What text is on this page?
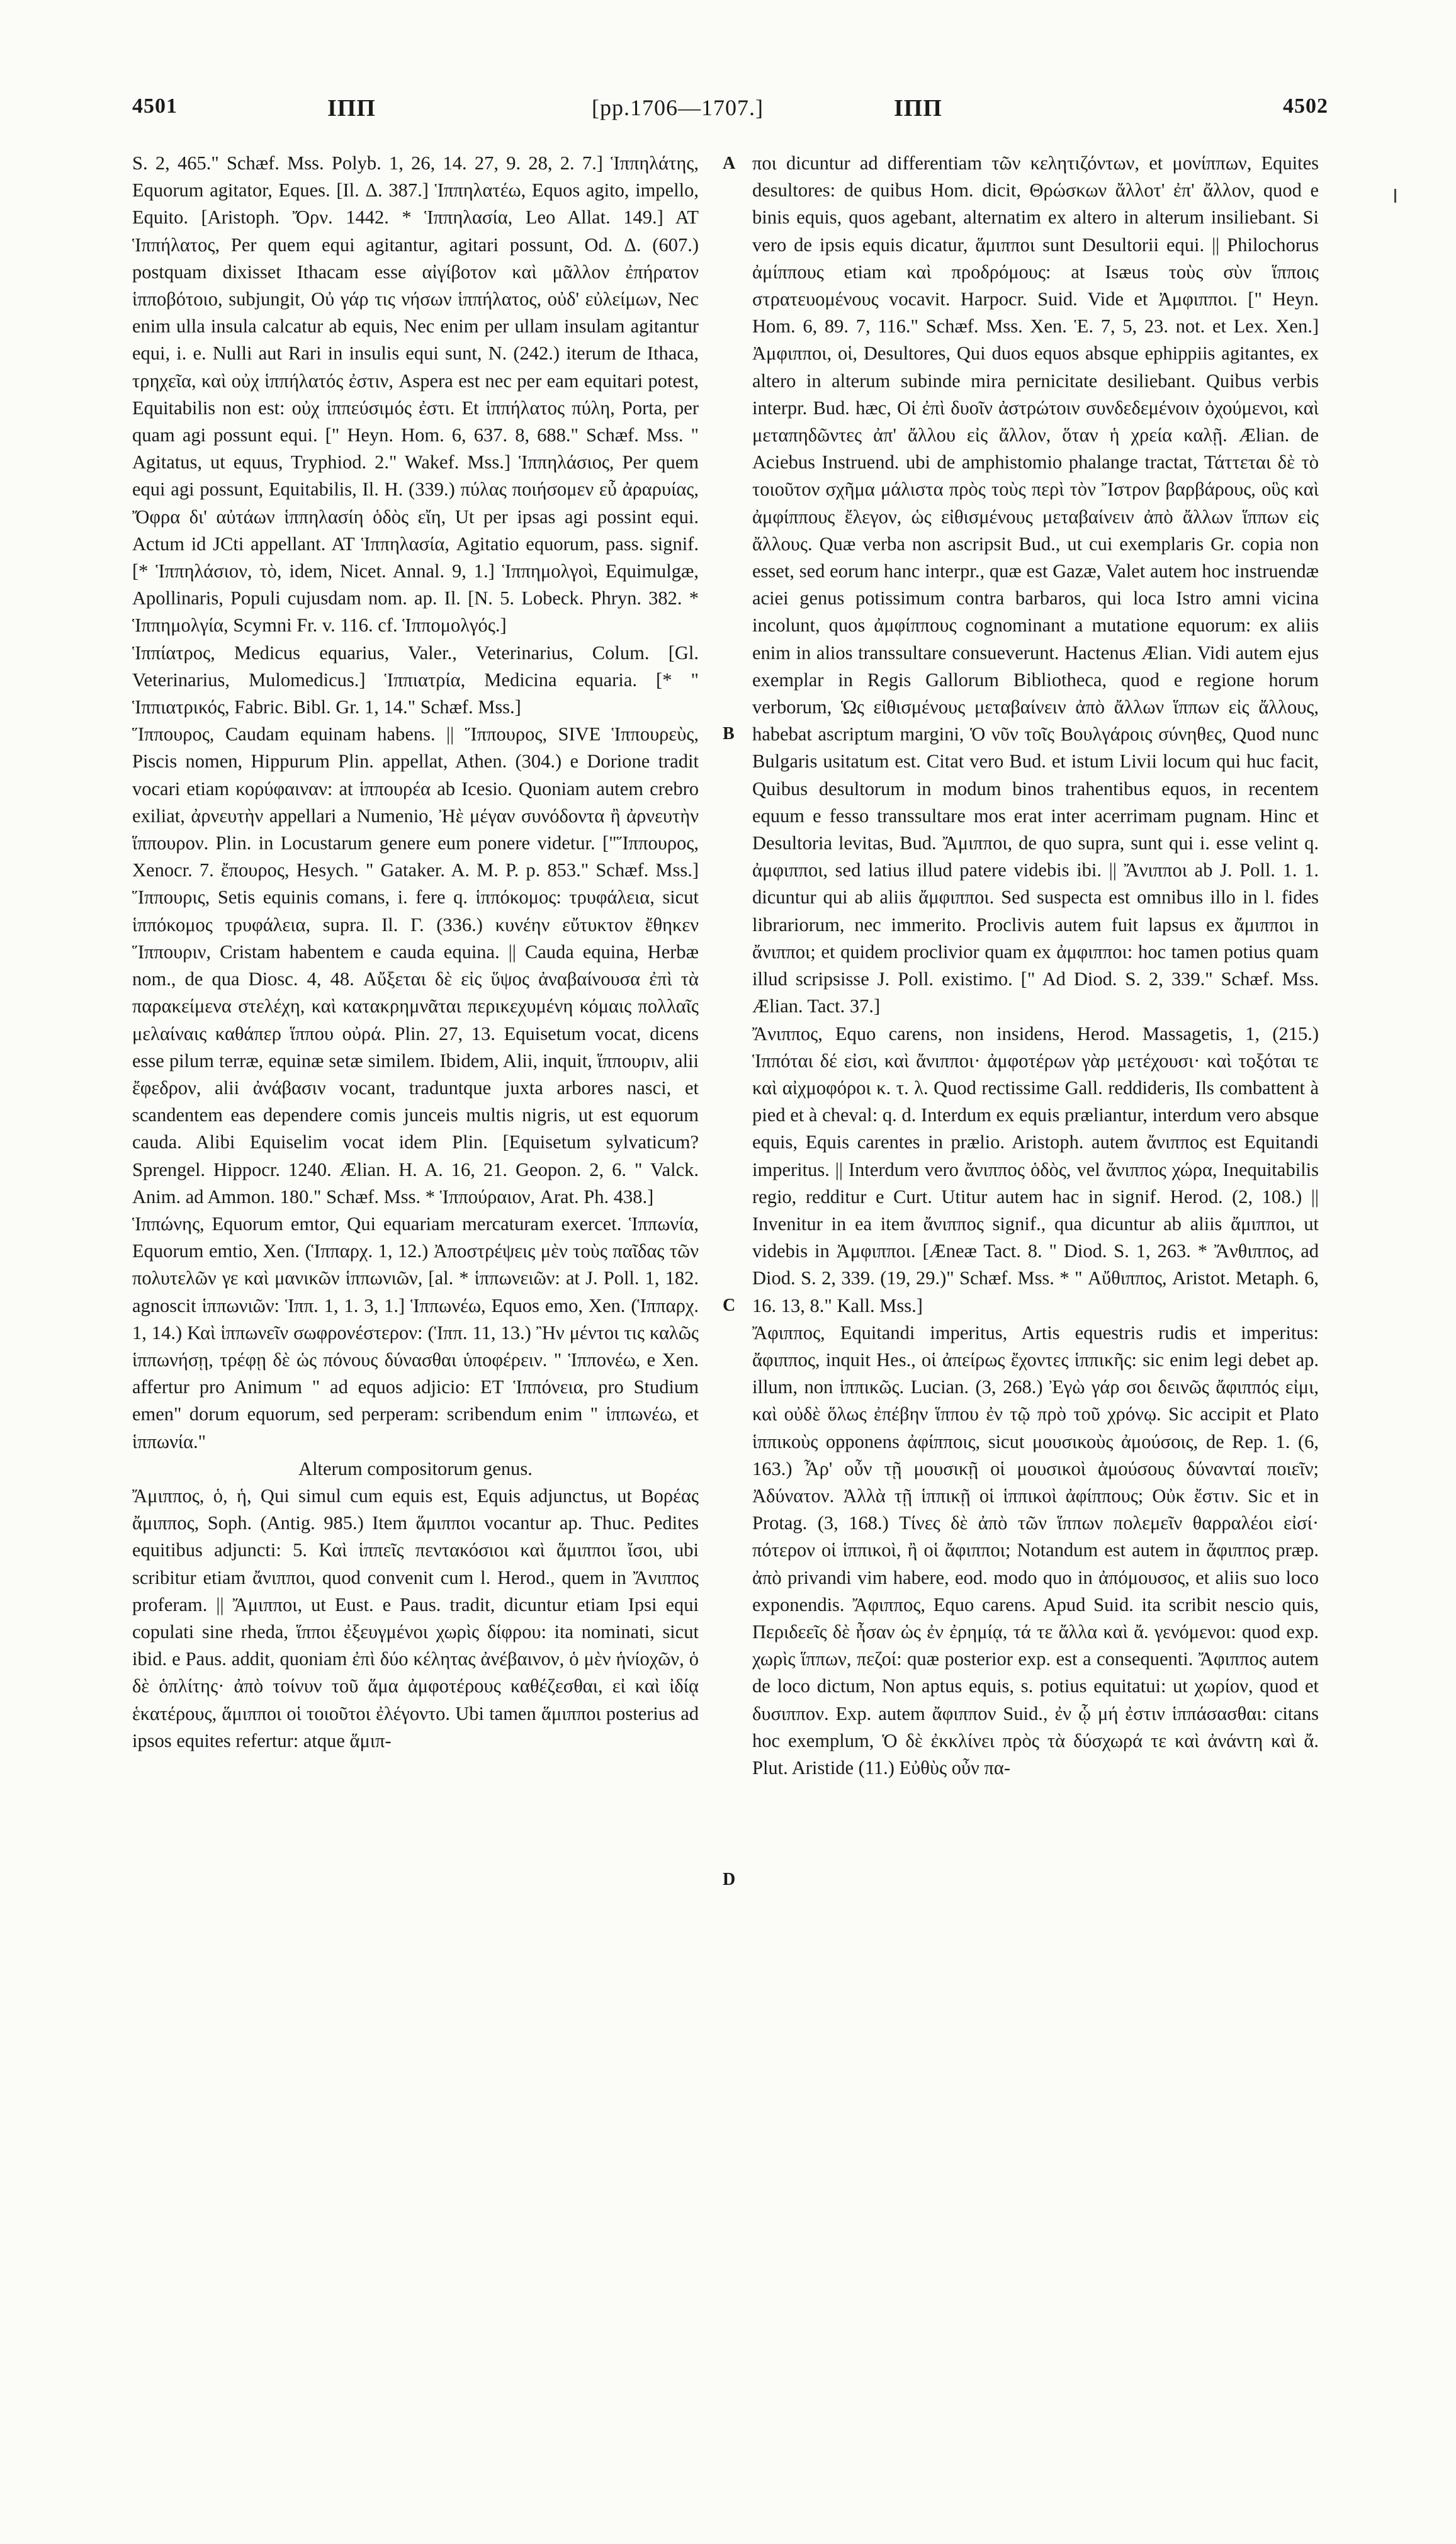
4501	ΙΠΠ	[pp.1706—1707.]	ΙΠΠ	4502

S. 2, 465." Schæf. Mss. Polyb. 1, 26, 14. 27, 9. 28, 2. 7.] Ἱππηλάτης, Equorum agitator, Eques. [Il. Δ. 387.] Ἱππηλατέω, Equos agito, impello, Equito. [Aristoph. Ὄρν. 1442. * Ἱππηλασία, Leo Allat. 149.] AT Ἱππήλατος, Per quem equi agitantur, agitari possunt, Od. Δ. (607.) postquam dixisset Ithacam esse αἰγίβοτον καὶ μᾶλλον ἐπήρατον ἱπποβότοιο, subjungit, Οὐ γάρ τις νήσων ἱππήλατος, οὐδ' εὐλείμων, Nec enim ulla insula calcatur ab equis, Nec enim per ullam insulam agitantur equi, i. e. Nulli aut Rari in insulis equi sunt, N. (242.) iterum de Ithaca, τρηχεῖα, καὶ οὐχ ἱππήλατός ἐστιν, Aspera est nec per eam equitari potest, Equitabilis non est: οὐχ ἱππεύσιμός ἐστι. Et ἱππήλατος πύλη, Porta, per quam agi possunt equi. [" Heyn. Hom. 6, 637. 8, 688." Schæf. Mss. " Agitatus, ut equus, Tryphiod. 2." Wakef. Mss.] Ἱππηλάσιος, Per quem equi agi possunt, Equitabilis, Il. H. (339.) πύλας ποιήσομεν εὖ ἀραρυίας, Ὄφρα δι' αὐτάων ἱππηλασίη ὁδὸς εἴη, Ut per ipsas agi possint equi. Actum id JCti appellant. AT Ἱππηλασία, Agitatio equorum, pass. signif. [* Ἱππηλάσιον, τὸ, idem, Nicet. Annal. 9, 1.] Ἱππημολγοὶ, Equimulgæ, Apollinaris, Populi cujusdam nom. ap. Il. [N. 5. Lobeck. Phryn. 382. * Ἱππημολγία, Scymni Fr. v. 116. cf. Ἱππομολγός.]

Ἱππίατρος, Medicus equarius, Valer., Veterinarius, Colum. [Gl. Veterinarius, Mulomedicus.] Ἱππιατρία, Medicina equaria. [* " Ἱππιατρικός, Fabric. Bibl. Gr. 1, 14." Schæf. Mss.]

Ἵππουρος, Caudam equinam habens. || Ἵππουρος, SIVE Ἱππουρεὺς, Piscis nomen, Hippurum Plin. appellat, Athen. (304.) e Dorione tradit vocari etiam κορύφαιναν: at ἱππουρέα ab Icesio. Quoniam autem crebro exiliat, ἀρνευτὴν appellari a Numenio, Ἠὲ μέγαν συνόδοντα ἢ ἀρνευτὴν ἵππουρον. Plin. in Locustarum genere eum ponere videtur. ["Ἵππουρος, Xenocr. 7. ἔπουρος, Hesych. " Gataker. A. M. P. p. 853." Schæf. Mss.] Ἵππουρις, Setis equinis comans, i. fere q. ἱππόκομος: τρυφάλεια, sicut ἱππόκομος τρυφάλεια, supra. Il. Γ. (336.) κυνέην εὔτυκτον ἔθηκεν Ἵππουριν, Cristam habentem e cauda equina. || Cauda equina, Herbæ nom., de qua Diosc. 4, 48. Αὔξεται δὲ εἰς ὕψος ἀναβαίνουσα ἐπὶ τὰ παρακείμενα στελέχη, καὶ κατακρημνᾶται περικεχυμένη κόμαις πολλαῖς μελαίναις καθάπερ ἵππου οὐρά. Plin. 27, 13. Equisetum vocat, dicens esse pilum terræ, equinæ setæ similem. Ibidem, Alii, inquit, ἵππουριν, alii ἔφεδρον, alii ἀνάβασιν vocant, traduntque juxta arbores nasci, et scandentem eas dependere comis junceis multis nigris, ut est equorum cauda. Alibi Equiselim vocat idem Plin. [Equisetum sylvaticum? Sprengel. Hippocr. 1240. Ælian. H. A. 16, 21. Geopon. 2, 6. " Valck. Anim. ad Ammon. 180." Schæf. Mss. * Ἱππούραιον, Arat. Ph. 438.]

Ἱππώνης, Equorum emtor, Qui equariam mercaturam exercet. Ἱππωνία, Equorum emtio, Xen. (Ἱππαρχ. 1, 12.) Ἀποστρέψεις μὲν τοὺς παῖδας τῶν πολυτελῶν γε καὶ μανικῶν ἱππωνιῶν, [al. * ἱππωνειῶν: at J. Poll. 1, 182. agnoscit ἱππωνιῶν: Ἱππ. 1, 1. 3, 1.] Ἱππωνέω, Equos emo, Xen. (Ἱππαρχ. 1, 14.) Καὶ ἱππωνεῖν σωφρονέστερον: (Ἱππ. 11, 13.) Ἢν μέντοι τις καλῶς ἱππωνήσῃ, τρέφῃ δὲ ὡς πόνους δύνασθαι ὑποφέρειν. " Ἱππονέω, e Xen. affertur pro Animum " ad equos adjicio: ET Ἱππόνεια, pro Studium emen" dorum equorum, sed perperam: scribendum enim " ἱππωνέω, et ἱππωνία."

Alterum compositorum genus.

Ἄμιππος, ὁ, ἡ, Qui simul cum equis est, Equis adjunctus, ut Βορέας ἄμιππος, Soph. (Antig. 985.) Item ἅμιπποι vocantur ap. Thuc. Pedites equitibus adjuncti: 5. Καὶ ἱππεῖς πεντακόσιοι καὶ ἅμιπποι ἴσοι, ubi scribitur etiam ἄνιπποι, quod convenit cum l. Herod., quem in Ἄνιππος proferam. || Ἄμιπποι, ut Eust. e Paus. tradit, dicuntur etiam Ipsi equi copulati sine rheda, ἵπποι ἐξευγμένοι χωρὶς δίφρου: ita nominati, sicut ibid. e Paus. addit, quoniam ἐπὶ δύο κέλητας ἀνέβαινον, ὁ μὲν ἡνίοχῶν, ὁ δὲ ὁπλίτης· ἀπὸ τοίνυν τοῦ ἅμα ἀμφοτέρους καθέζεσθαι, εἰ καὶ ἰδίᾳ ἑκατέρους, ἅμιπποι οἱ τοιοῦτοι ἐλέγοντο. Ubi tamen ἅμιπποι posterius ad ipsos equites refertur: atque ἅμιπ-

A
B
C
D

ποι dicuntur ad differentiam τῶν κελητιζόντων, et μονίππων, Equites desultores: de quibus Hom. dicit, Θρώσκων ἄλλοτ' ἐπ' ἄλλον, quod e binis equis, quos agebant, alternatim ex altero in alterum insiliebant. Si vero de ipsis equis dicatur, ἅμιπποι sunt Desultorii equi. || Philochorus ἀμίππους etiam καὶ προδρόμους: at Isæus τοὺς σὺν ἵπποις στρατευομένους vocavit. Harpocr. Suid. Vide et Ἀμφιπποι. [" Heyn. Hom. 6, 89. 7, 116." Schæf. Mss. Xen. Ἑ. 7, 5, 23. not. et Lex. Xen.] Ἀμφιπποι, οἱ, Desultores, Qui duos equos absque ephippiis agitantes, ex altero in alterum subinde mira pernicitate desiliebant. Quibus verbis interpr. Bud. hæc, Οἱ ἐπὶ δυοῖν ἀστρώτοιν συνδεδεμένοιν ὀχούμενοι, καὶ μεταπηδῶντες ἀπ' ἄλλου εἰς ἄλλον, ὅταν ἡ χρεία καλῇ. Ælian. de Aciebus Instruend. ubi de amphistomio phalange tractat, Τάττεται δὲ τὸ τοιοῦτον σχῆμα μάλιστα πρὸς τοὺς περὶ τὸν Ἴστρον βαρβάρους, οὓς καὶ ἀμφίππους ἔλεγον, ὡς εἰθισμένους μεταβαίνειν ἀπὸ ἄλλων ἵππων εἰς ἄλλους. Quæ verba non ascripsit Bud., ut cui exemplaris Gr. copia non esset, sed eorum hanc interpr., quæ est Gazæ, Valet autem hoc instruendæ aciei genus potissimum contra barbaros, qui loca Istro amni vicina incolunt, quos ἀμφίππους cognominant a mutatione equorum: ex aliis enim in alios transsultare consueverunt. Hactenus Ælian. Vidi autem ejus exemplar in Regis Gallorum Bibliotheca, quod e regione horum verborum, Ὡς εἰθισμένους μεταβαίνειν ἀπὸ ἄλλων ἵππων εἰς ἄλλους, habebat ascriptum margini, Ὁ νῦν τοῖς Βουλγάροις σύνηθες, Quod nunc Bulgaris usitatum est. Citat vero Bud. et istum Livii locum qui huc facit, Quibus desultorum in modum binos trahentibus equos, in recentem equum e fesso transsultare mos erat inter acerrimam pugnam. Hinc et Desultoria levitas, Bud. Ἄμιπποι, de quo supra, sunt qui i. esse velint q. ἀμφιπποι, sed latius illud patere videbis ibi. || Ἄνιπποι ab J. Poll. 1. 1. dicuntur qui ab aliis ἄμφιπποι. Sed suspecta est omnibus illo in l. fides librariorum, nec immerito. Proclivis autem fuit lapsus ex ἄμιπποι in ἄνιπποι; et quidem proclivior quam ex ἀμφιπποι: hoc tamen potius quam illud scripsisse J. Poll. existimo. [" Ad Diod. S. 2, 339." Schæf. Mss. Ælian. Tact. 37.]

Ἄνιππος, Equo carens, non insidens, Herod. Massagetis, 1, (215.) Ἱππόται δέ εἰσι, καὶ ἄνιπποι· ἀμφοτέρων γὰρ μετέχουσι· καὶ τοξόται τε καὶ αἰχμοφόροι κ. τ. λ. Quod rectissime Gall. reddideris, Ils combattent à pied et à cheval: q. d. Interdum ex equis præliantur, interdum vero absque equis, Equis carentes in prælio. Aristoph. autem ἄνιππος est Equitandi imperitus. || Interdum vero ἄνιππος ὁδὸς, vel ἄνιππος χώρα, Inequitabilis regio, redditur e Curt. Utitur autem hac in signif. Herod. (2, 108.) || Invenitur in ea item ἄνιππος signif., qua dicuntur ab aliis ἄμιπποι, ut videbis in Ἀμφιπποι. [Æneæ Tact. 8. " Diod. S. 1, 263. * Ἄνθιππος, ad Diod. S. 2, 339. (19, 29.)" Schæf. Mss. * " Αὔθιππος, Aristot. Metaph. 6, 16. 13, 8." Kall. Mss.]

Ἄφιππος, Equitandi imperitus, Artis equestris rudis et imperitus: ἄφιππος, inquit Hes., οἱ ἀπείρως ἔχοντες ἱππικῆς: sic enim legi debet ap. illum, non ἱππικῶς. Lucian. (3, 268.) Ἐγὼ γάρ σοι δεινῶς ἄφιππός εἰμι, καὶ οὐδὲ ὅλως ἐπέβην ἵππου ἐν τῷ πρὸ τοῦ χρόνῳ. Sic accipit et Plato ἱππικοὺς opponens ἀφίπποις, sicut μουσικοὺς ἀμούσοις, de Rep. 1. (6, 163.) Ἆρ' οὖν τῇ μουσικῇ οἱ μουσικοὶ ἀμούσους δύνανταί ποιεῖν; Ἀδύνατον. Ἀλλὰ τῇ ἱππικῇ οἱ ἱππικοὶ ἀφίππους; Οὐκ ἔστιν. Sic et in Protag. (3, 168.) Τίνες δὲ ἀπὸ τῶν ἵππων πολεμεῖν θαρραλέοι εἰσί· πότερον οἱ ἱππικοὶ, ἢ οἱ ἄφιπποι; Notandum est autem in ἄφιππος præp. ἀπὸ privandi vim habere, eod. modo quo in ἀπόμουσος, et aliis suo loco exponendis. Ἄφιππος, Equo carens. Apud Suid. ita scribit nescio quis, Περιδεεῖς δὲ ἦσαν ὡς ἐν ἐρημίᾳ, τά τε ἄλλα καὶ ἄ. γενόμενοι: quod exp. χωρὶς ἵππων, πεζοί: quæ posterior exp. est a consequenti. Ἄφιππος autem de loco dictum, Non aptus equis, s. potius equitatui: ut χωρίον, quod et δυσιππον. Exp. autem ἄφιππον Suid., ἐν ᾧ μή ἐστιν ἱππάσασθαι: citans hoc exemplum, Ὁ δὲ ἐκκλίνει πρὸς τὰ δύσχωρά τε καὶ ἀνάντη καὶ ἄ. Plut. Aristide (11.) Εὐθὺς οὖν πα-
